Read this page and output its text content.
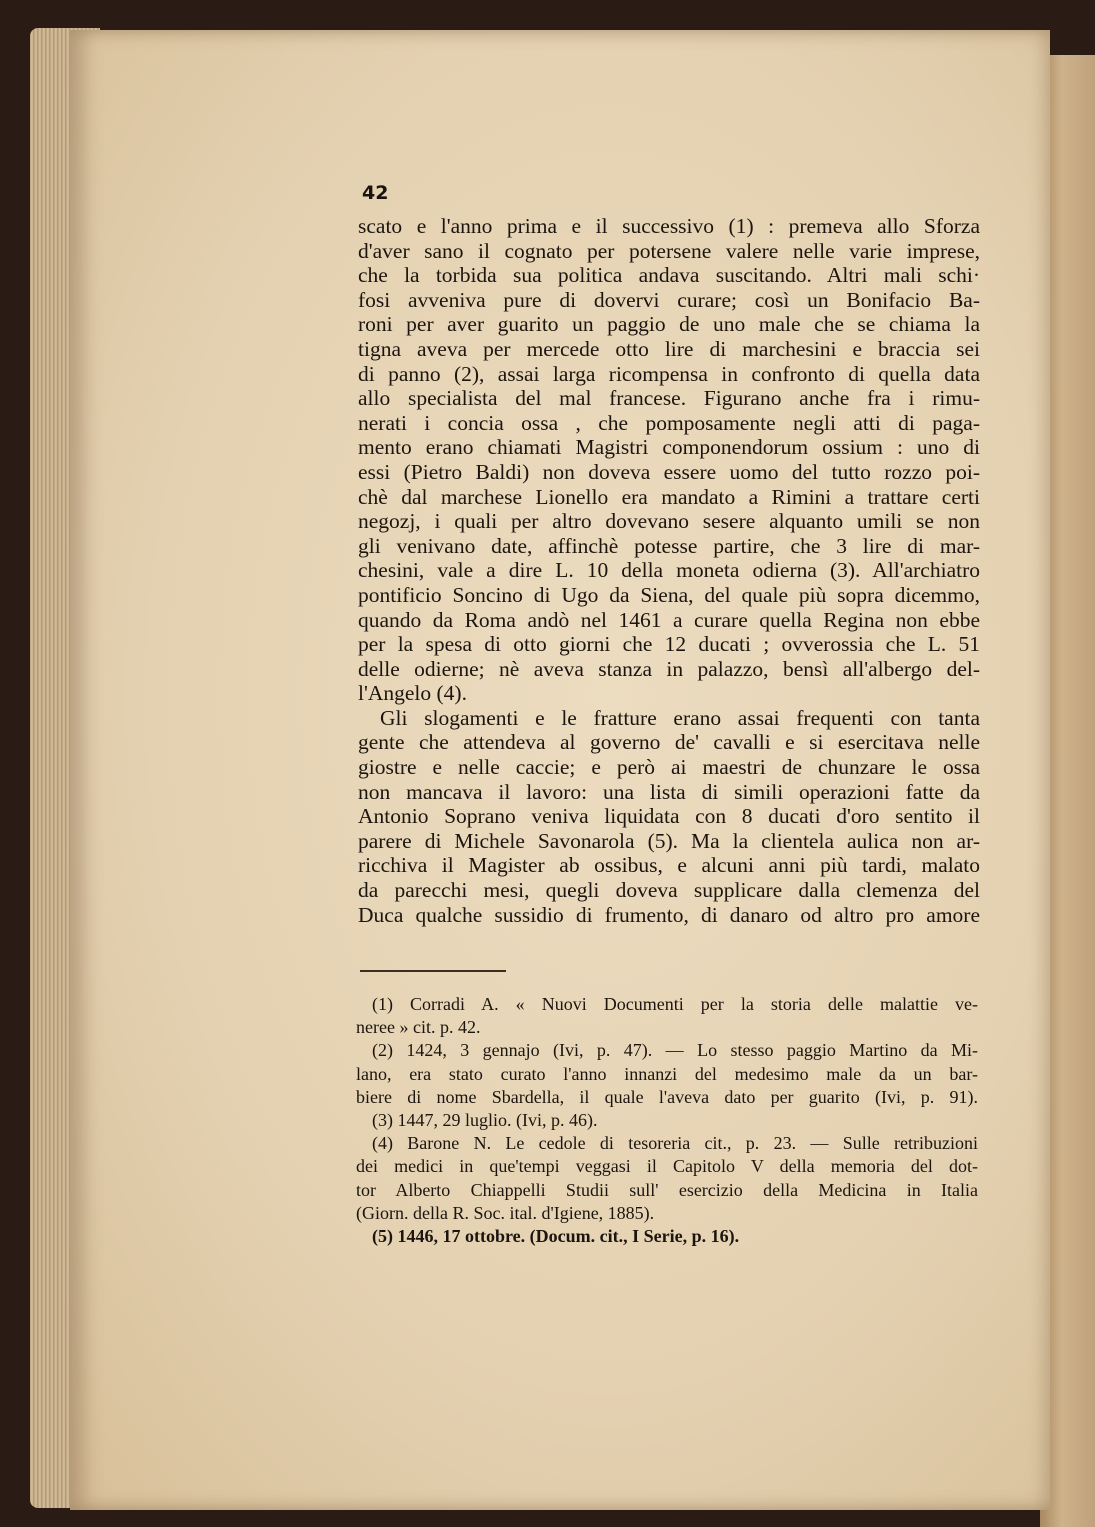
42
scato e l'anno prima e il successivo (1) : premeva allo Sforza
d'aver sano il cognato per potersene valere nelle varie imprese,
che la torbida sua politica andava suscitando. Altri mali schi·
fosi avveniva pure di dovervi curare; così un Bonifacio Ba-
roni per aver guarito un paggio de uno male che se chiama la
tigna aveva per mercede otto lire di marchesini e braccia sei
di panno (2), assai larga ricompensa in confronto di quella data
allo specialista del mal francese. Figurano anche fra i rimu-
nerati i concia ossa , che pomposamente negli atti di paga-
mento erano chiamati Magistri componendorum ossium : uno di
essi (Pietro Baldi) non doveva essere uomo del tutto rozzo poi-
chè dal marchese Lionello era mandato a Rimini a trattare certi
negozj, i quali per altro dovevano sesere alquanto umili se non
gli venivano date, affinchè potesse partire, che 3 lire di mar-
chesini, vale a dire L. 10 della moneta odierna (3). All'archiatro
pontificio Soncino di Ugo da Siena, del quale più sopra dicemmo,
quando da Roma andò nel 1461 a curare quella Regina non ebbe
per la spesa di otto giorni che 12 ducati ; ovverossia che L. 51
delle odierne; nè aveva stanza in palazzo, bensì all'albergo del-
l'Angelo (4).
Gli slogamenti e le fratture erano assai frequenti con tanta
gente che attendeva al governo de' cavalli e si esercitava nelle
giostre e nelle caccie; e però ai maestri de chunzare le ossa
non mancava il lavoro: una lista di simili operazioni fatte da
Antonio Soprano veniva liquidata con 8 ducati d'oro sentito il
parere di Michele Savonarola (5). Ma la clientela aulica non ar-
ricchiva il Magister ab ossibus, e alcuni anni più tardi, malato
da parecchi mesi, quegli doveva supplicare dalla clemenza del
Duca qualche sussidio di frumento, di danaro od altro pro amore
(1) Corradi A. « Nuovi Documenti per la storia delle malattie ve-
neree » cit. p. 42.
(2) 1424, 3 gennajo (Ivi, p. 47). — Lo stesso paggio Martino da Mi-
lano, era stato curato l'anno innanzi del medesimo male da un bar-
biere di nome Sbardella, il quale l'aveva dato per guarito (Ivi, p. 91).
(3) 1447, 29 luglio. (Ivi, p. 46).
(4) Barone N. Le cedole di tesoreria cit., p. 23. — Sulle retribuzioni
dei medici in que'tempi veggasi il Capitolo V della memoria del dot-
tor Alberto Chiappelli Studii sull' esercizio della Medicina in Italia
(Giorn. della R. Soc. ital. d'Igiene, 1885).
(5) 1446, 17 ottobre. (Docum. cit., I Serie, p. 16).
